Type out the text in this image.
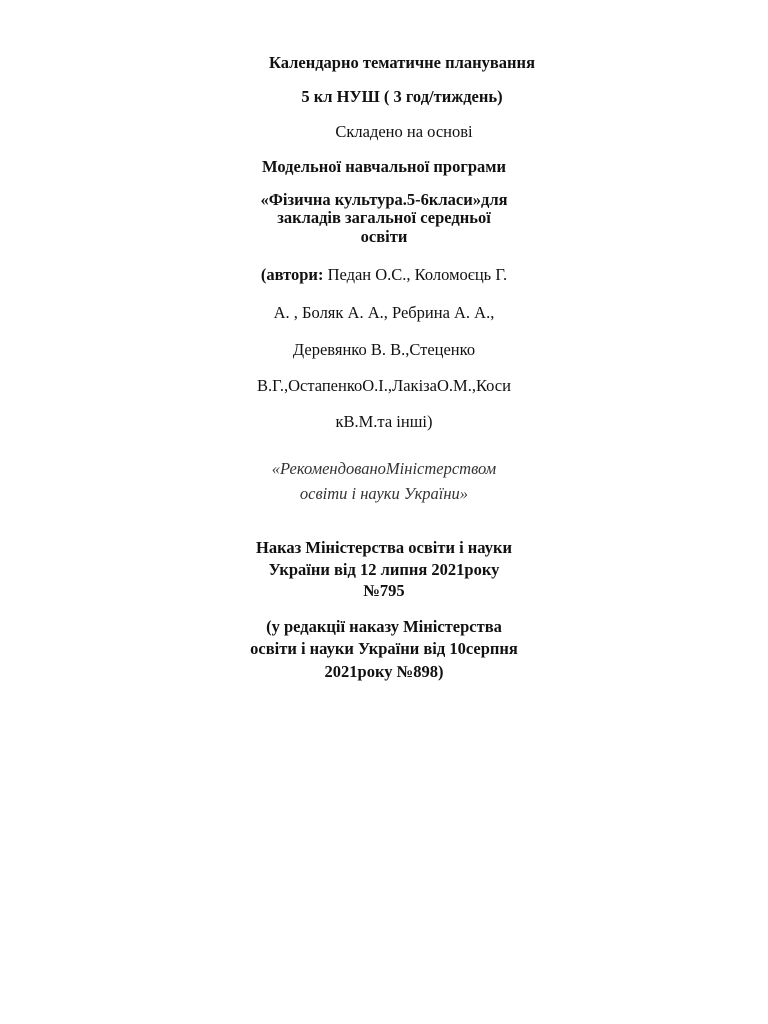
Календарно тематичне планування
5 кл НУШ ( 3 год/тиждень)
Складено на основі
Модельної навчальної програми
«Фізична культура.5-6класи»для
закладів загальної середньої
освіти
(автори: Педан О.С., Коломоєць Г.
А. , Боляк А. А., Ребрина А. А.,
Деревянко В. В.,Стеценко
В.Г.,ОстапенкоО.І.,ЛакізаО.М.,Коси
кВ.М.та інші)
«РекомендованоМіністерством
освіти і науки України»
Наказ Міністерства освіти і науки
України від 12 липня 2021року
№795
(у редакції наказу Міністерства
освіти і науки України від 10серпня
2021року №898)
